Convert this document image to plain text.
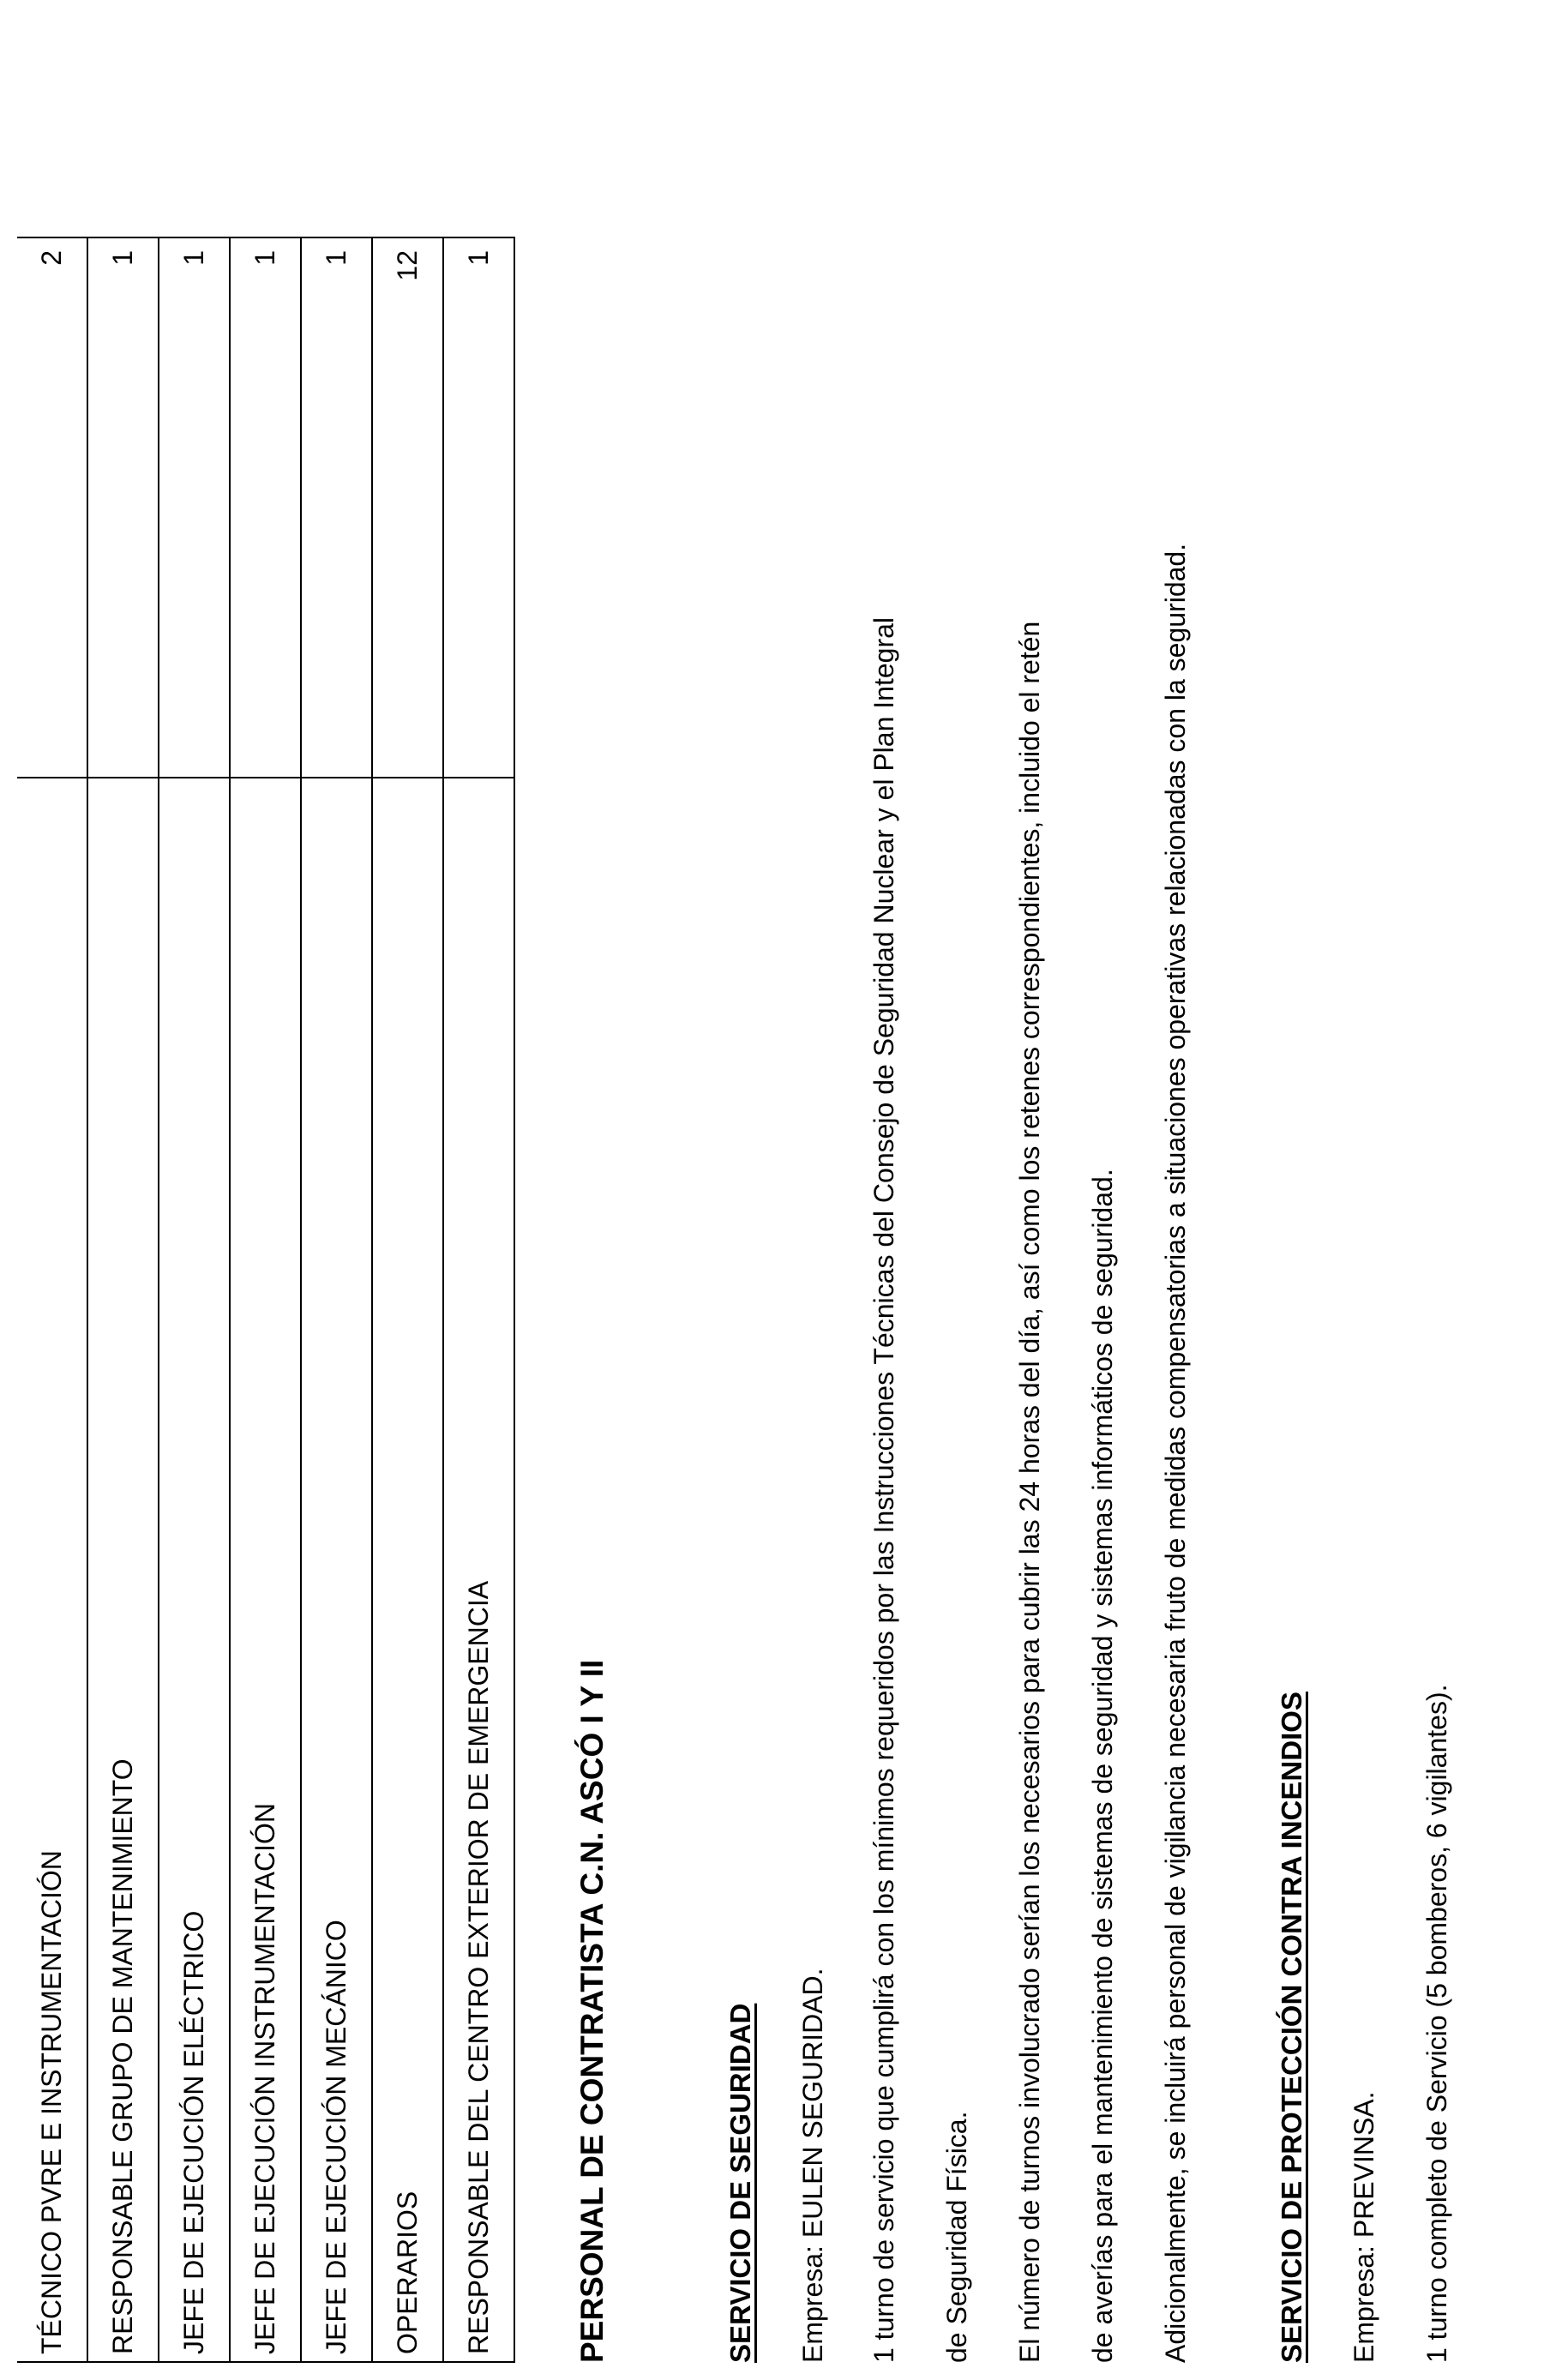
TÉCNICO PVRE E INSTRUMENTACIÓN	2
RESPONSABLE GRUPO DE MANTENIMIENTO	1
JEFE DE EJECUCIÓN ELÉCTRICO	1
JEFE DE EJECUCIÓN INSTRUMENTACIÓN	1
JEFE DE EJECUCIÓN MECÁNICO	1
OPERARIOS	12
RESPONSABLE DEL CENTRO EXTERIOR DE EMERGENCIA	1
PERSONAL DE CONTRATISTA C.N. ASCÓ I Y II	SERVICIO DE SEGURIDAD Empresa: EULEN SEGURIDAD. 1 turno de servicio que cumplirá con los mínimos requeridos por las Instrucciones Técnicas del Consejo de Seguridad Nuclear y el Plan Integral de Seguridad Física. El número de turnos involucrado serían los necesarios para cubrir las 24 horas del día, así como los retenes correspondientes, incluido el retén de averías para el mantenimiento de sistemas de seguridad y sistemas informáticos de seguridad. Adicionalmente, se incluirá personal de vigilancia necesaria fruto de medidas compensatorias a situaciones operativas relacionadas con la seguridad.	SERVICIO DE PROTECCIÓN CONTRA INCENDIOS Empresa: PREVINSA. 1 turno completo de Servicio (5 bomberos, 6 vigilantes).
